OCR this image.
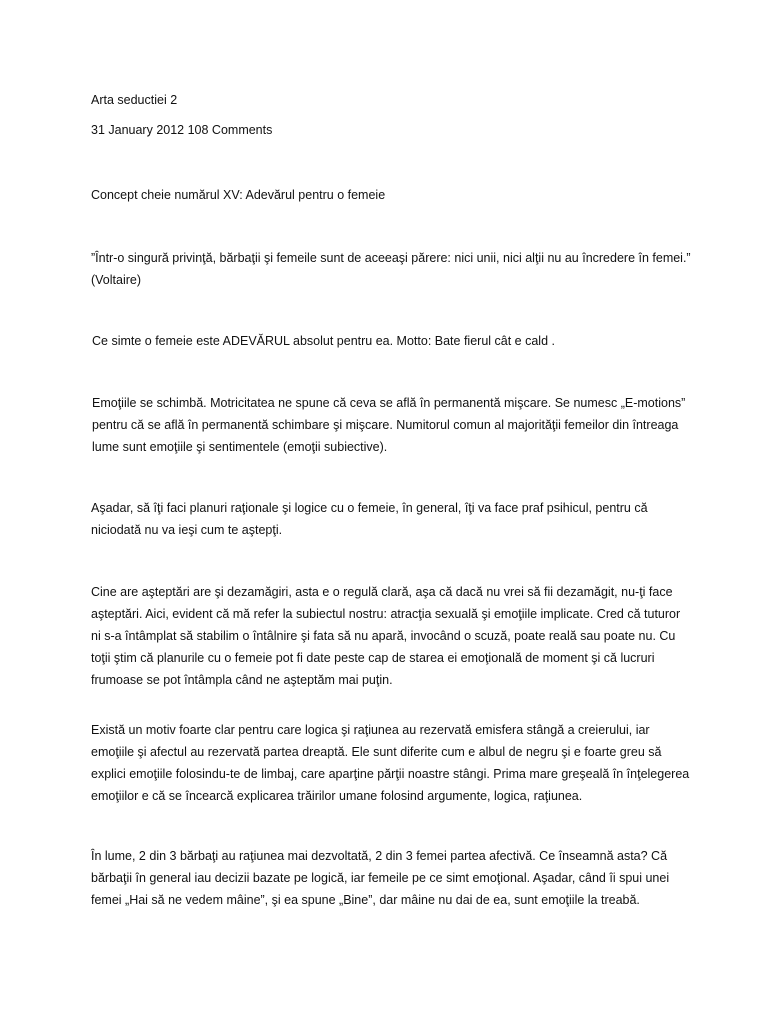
Arta seductiei 2

31 January 2012 108 Comments

Concept cheie numărul XV: Adevărul pentru o femeie

”Într-o singură privinţă, bărbaţii şi femeile sunt de aceeaşi părere: nici unii, nici alţii nu au încredere în femei.” (Voltaire)

Ce simte o femeie este ADEVĂRUL absolut pentru ea. Motto: Bate fierul cât e cald .

Emoţiile se schimbă. Motricitatea ne spune că ceva se află în permanentă mişcare. Se numesc „E-motions” pentru că se află în permanentă schimbare şi mişcare. Numitorul comun al majorităţii femeilor din întreaga lume sunt emoţiile şi sentimentele (emoţii subiective).

Aşadar, să îţi faci planuri raţionale şi logice cu o femeie, în general, îţi va face praf psihicul, pentru că niciodată nu va ieşi cum te aştepţi.

Cine are aşteptări are şi dezamăgiri, asta e o regulă clară, aşa că dacă nu vrei să fii dezamăgit, nu-ţi face aşteptări. Aici, evident că mă refer la subiectul nostru: atracţia sexuală şi emoţiile implicate. Cred că tuturor ni s-a întâmplat să stabilim o întâlnire şi fata să nu apară, invocând o scuză, poate reală sau poate nu. Cu toţii ştim că planurile cu o femeie pot fi date peste cap de starea ei emoţională de moment şi că lucruri frumoase se pot întâmpla când ne aşteptăm mai puţin.

Există un motiv foarte clar pentru care logica şi raţiunea au rezervată emisfera stângă a creierului, iar emoţiile şi afectul au rezervată partea dreaptă. Ele sunt diferite cum e albul de negru şi e foarte greu să explici emoţiile folosindu-te de limbaj, care aparţine părţii noastre stângi. Prima mare greşeală în înţelegerea emoţiilor e că se încearcă explicarea trăirilor umane folosind argumente, logica, raţiunea.

În lume, 2 din 3 bărbaţi au raţiunea mai dezvoltată, 2 din 3 femei partea afectivă. Ce înseamnă asta? Că bărbaţii în general iau decizii bazate pe logică, iar femeile pe ce simt emoţional. Aşadar, când îi spui unei femei „Hai să ne vedem mâine”, şi ea spune „Bine”, dar mâine nu dai de ea, sunt emoţiile la treabă.
